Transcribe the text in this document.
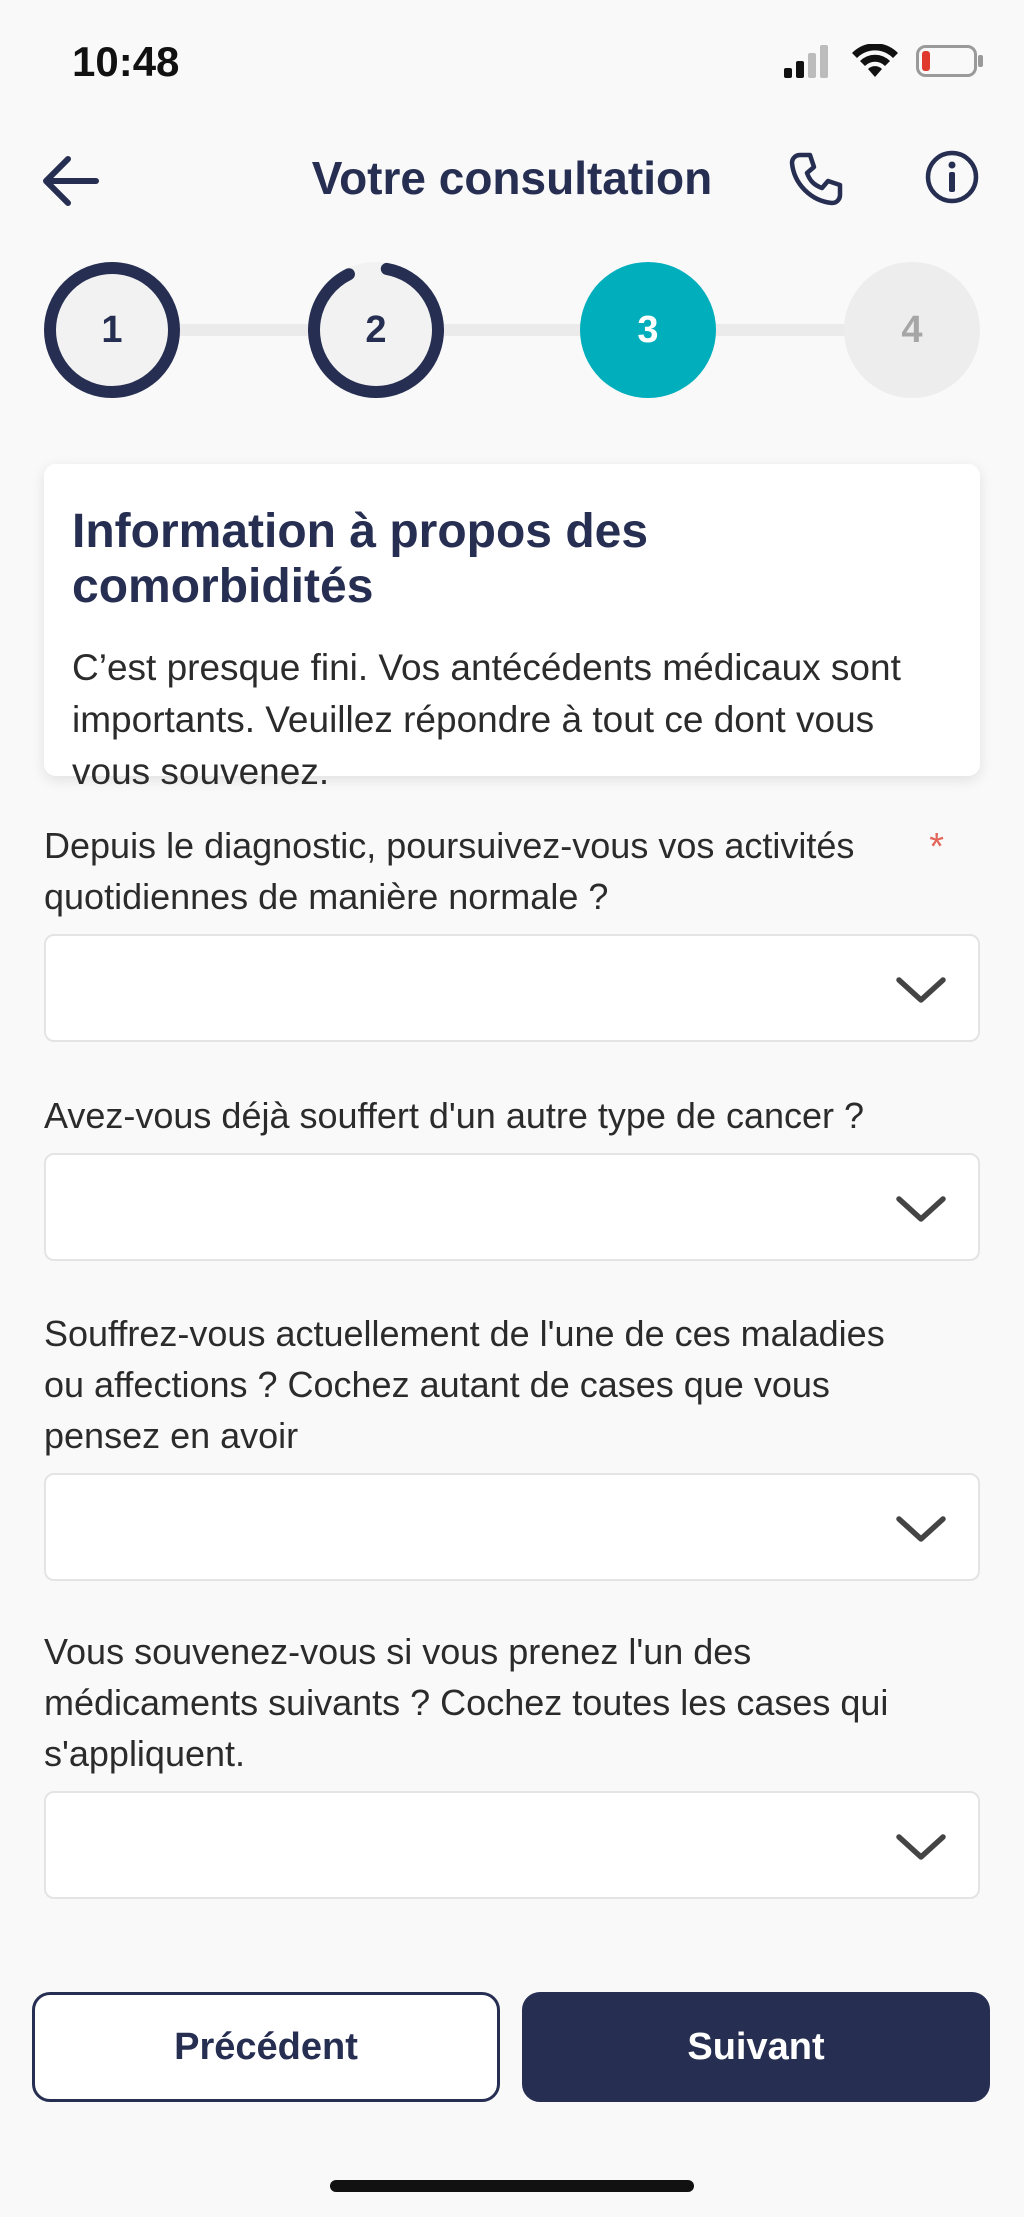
10:48
Votre consultation
1	2	3	4
Information à propos des comorbidités
C’est presque fini. Vos antécédents médicaux sont importants. Veuillez répondre à tout ce dont vous vous souvenez.
Depuis le diagnostic, poursuivez-vous vos activités quotidiennes de manière normale ?
*
Avez-vous déjà souffert d'un autre type de cancer ?
Souffrez-vous actuellement de l'une de ces maladies ou affections ? Cochez autant de cases que vous pensez en avoir
Vous souvenez-vous si vous prenez l'un des médicaments suivants ? Cochez toutes les cases qui s'appliquent.
Précédent	Suivant
